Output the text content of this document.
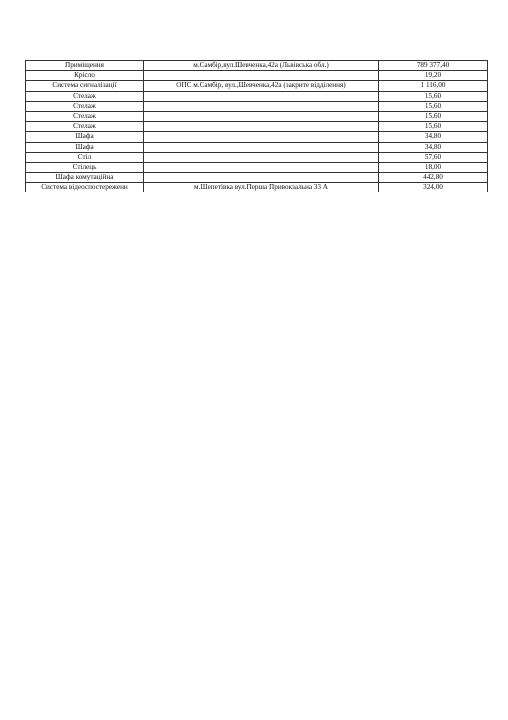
Приміщення	м.Самбір,вул.Шевченка,42а (Львівська обл.)	789 377,40
Крісло		19,20
Система сигналізації	ОПС м.Самбір, вул.,Шевченка,42а (закрите відділення)	1 116,00
Стелаж		15,60
Стелаж		15,60
Стелаж		15,60
Стелаж		15,60
Шафа		34,80
Шафа		34,80
Стіл		57,60
Стілець		18,00
Шафа комутаційна		442,80
Система відеоспостереженн	м.Шепетівка вул.Перша Привокзальна 33 А	324,00
